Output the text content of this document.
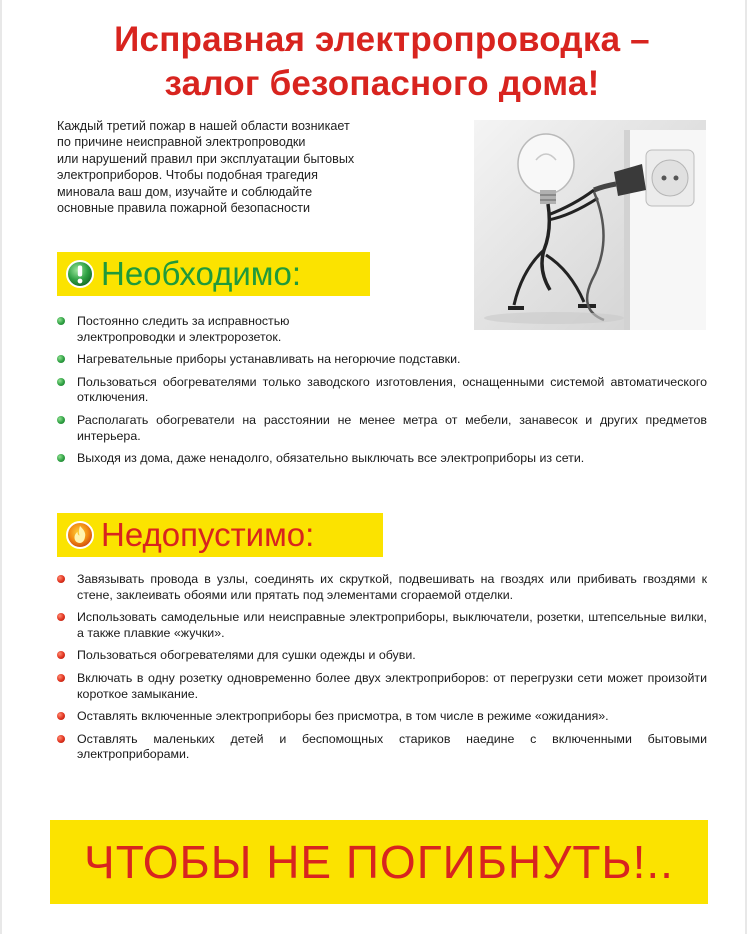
Исправная электропроводка –
залог безопасного дома!
Каждый третий пожар в нашей области возникает
по причине неисправной электропроводки
или нарушений правил при эксплуатации бытовых
электроприборов. Чтобы подобная трагедия
миновала ваш дом, изучайте и соблюдайте
основные правила пожарной безопасности
Необходимо:
Постоянно следить за исправностью электропроводки и электророзеток.
Нагревательные приборы устанавливать на негорючие подставки.
Пользоваться обогревателями только заводского изготовления, оснащенными системой автоматического отключения.
Располагать обогреватели на расстоянии не менее метра от мебели, занавесок и других предметов интерьера.
Выходя из дома, даже ненадолго, обязательно выключать все электроприборы из сети.
Недопустимо:
Завязывать провода в узлы, соединять их скруткой, подвешивать на гвоздях или прибивать гвоздями к стене, заклеивать обоями или прятать под элементами сгораемой отделки.
Использовать самодельные или неисправные электроприборы, выключатели, розетки, штепсельные вилки, а также плавкие «жучки».
Пользоваться обогревателями для сушки одежды и обуви.
Включать в одну розетку одновременно более двух электроприборов: от перегрузки сети может произойти короткое замыкание.
Оставлять включенные электроприборы без присмотра, в том числе в режиме «ожидания».
Оставлять маленьких детей и беспомощных стариков наедине с включенными бытовыми электроприборами.
ЧТОБЫ НЕ ПОГИБНУТЬ!..
